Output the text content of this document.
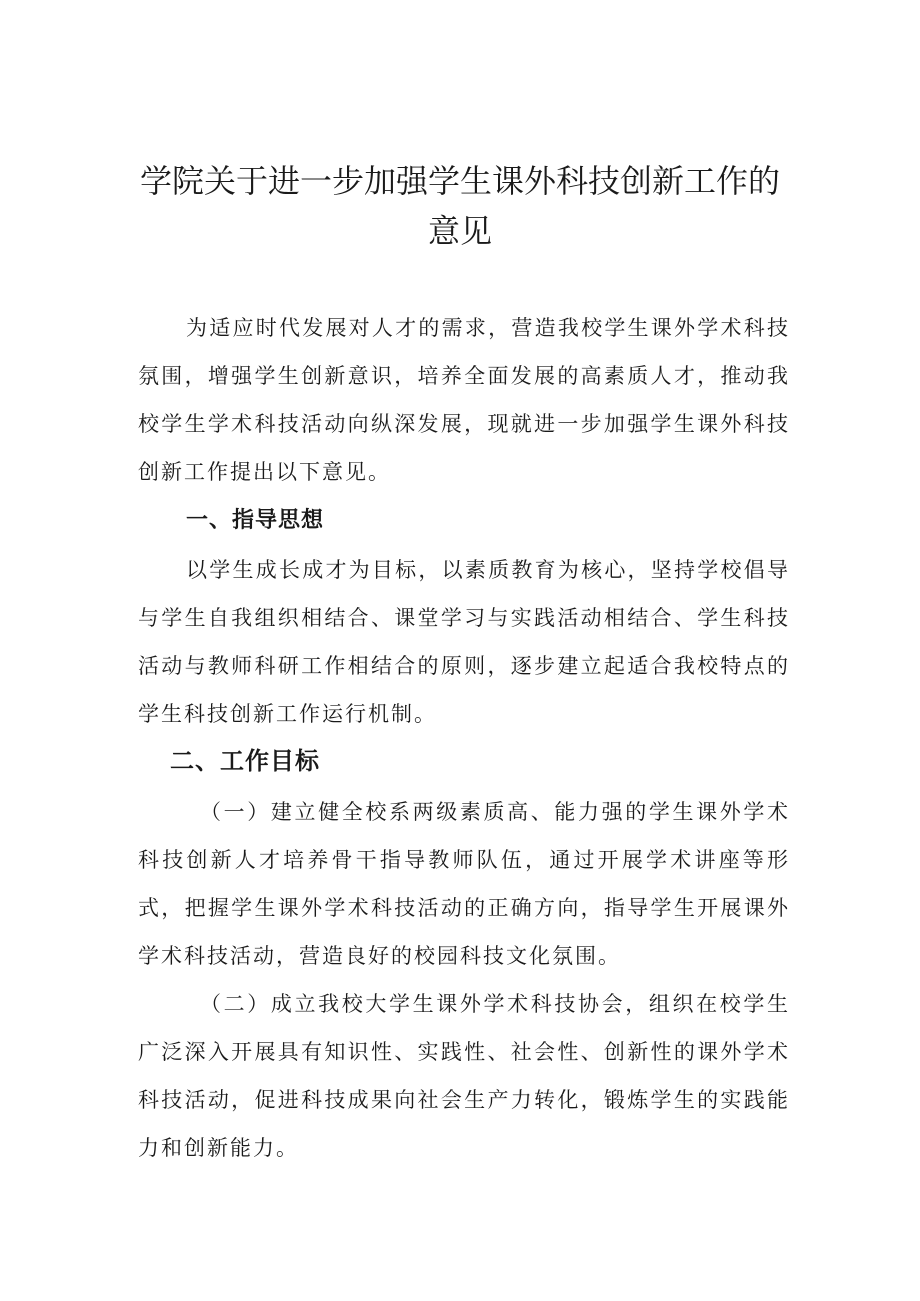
学院关于进一步加强学生课外科技创新工作的
意见

为适应时代发展对人才的需求，营造我校学生课外学术科技氛围，增强学生创新意识，培养全面发展的高素质人才，推动我校学生学术科技活动向纵深发展，现就进一步加强学生课外科技创新工作提出以下意见。

一、指导思想

以学生成长成才为目标，以素质教育为核心，坚持学校倡导与学生自我组织相结合、课堂学习与实践活动相结合、学生科技活动与教师科研工作相结合的原则，逐步建立起适合我校特点的学生科技创新工作运行机制。

二、工作目标

（一）建立健全校系两级素质高、能力强的学生课外学术科技创新人才培养骨干指导教师队伍，通过开展学术讲座等形式，把握学生课外学术科技活动的正确方向，指导学生开展课外学术科技活动，营造良好的校园科技文化氛围。

（二）成立我校大学生课外学术科技协会，组织在校学生广泛深入开展具有知识性、实践性、社会性、创新性的课外学术科技活动，促进科技成果向社会生产力转化，锻炼学生的实践能力和创新能力。
